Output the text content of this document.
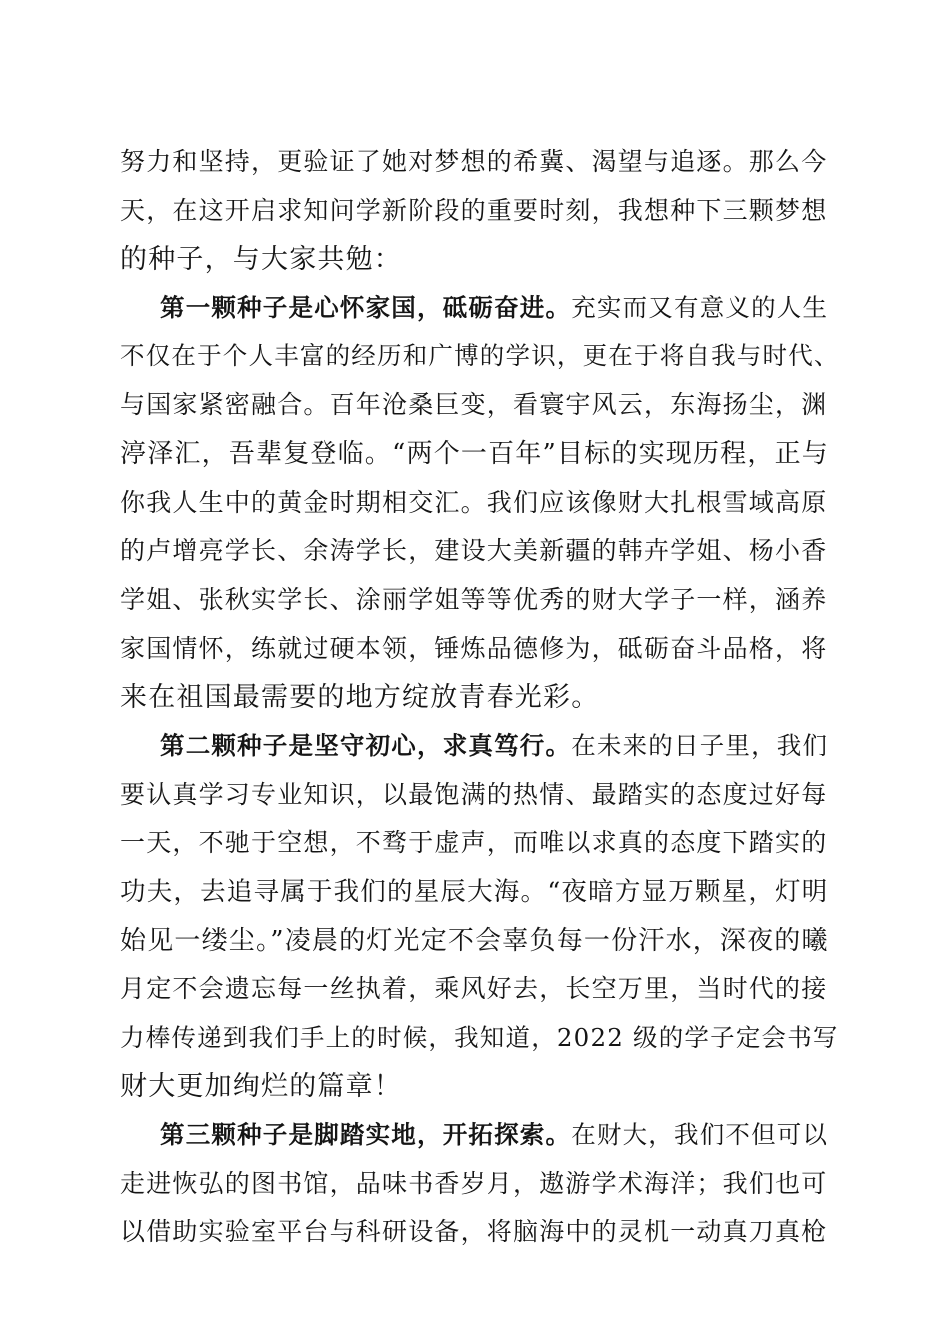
努力和坚持，更验证了她对梦想的希冀、渴望与追逐。那么今
天，在这开启求知问学新阶段的重要时刻，我想种下三颗梦想
的种子，与大家共勉：
第一颗种子是心怀家国，砥砺奋进。充实而又有意义的人生
不仅在于个人丰富的经历和广博的学识，更在于将自我与时代、
与国家紧密融合。百年沧桑巨变，看寰宇风云，东海扬尘，渊
渟泽汇，吾辈复登临。“两个一百年”目标的实现历程，正与
你我人生中的黄金时期相交汇。我们应该像财大扎根雪域高原
的卢增亮学长、余涛学长，建设大美新疆的韩卉学姐、杨小香
学姐、张秋实学长、涂丽学姐等等优秀的财大学子一样，涵养
家国情怀，练就过硬本领，锤炼品德修为，砥砺奋斗品格，将
来在祖国最需要的地方绽放青春光彩。
第二颗种子是坚守初心，求真笃行。在未来的日子里，我们
要认真学习专业知识，以最饱满的热情、最踏实的态度过好每
一天，不驰于空想，不骛于虚声，而唯以求真的态度下踏实的
功夫，去追寻属于我们的星辰大海。“夜暗方显万颗星，灯明
始见一缕尘。”凌晨的灯光定不会辜负每一份汗水，深夜的曦
月定不会遗忘每一丝执着，乘风好去，长空万里，当时代的接
力棒传递到我们手上的时候，我知道，2022 级的学子定会书写
财大更加绚烂的篇章！
第三颗种子是脚踏实地，开拓探索。在财大，我们不但可以
走进恢弘的图书馆，品味书香岁月，遨游学术海洋；我们也可
以借助实验室平台与科研设备，将脑海中的灵机一动真刀真枪
